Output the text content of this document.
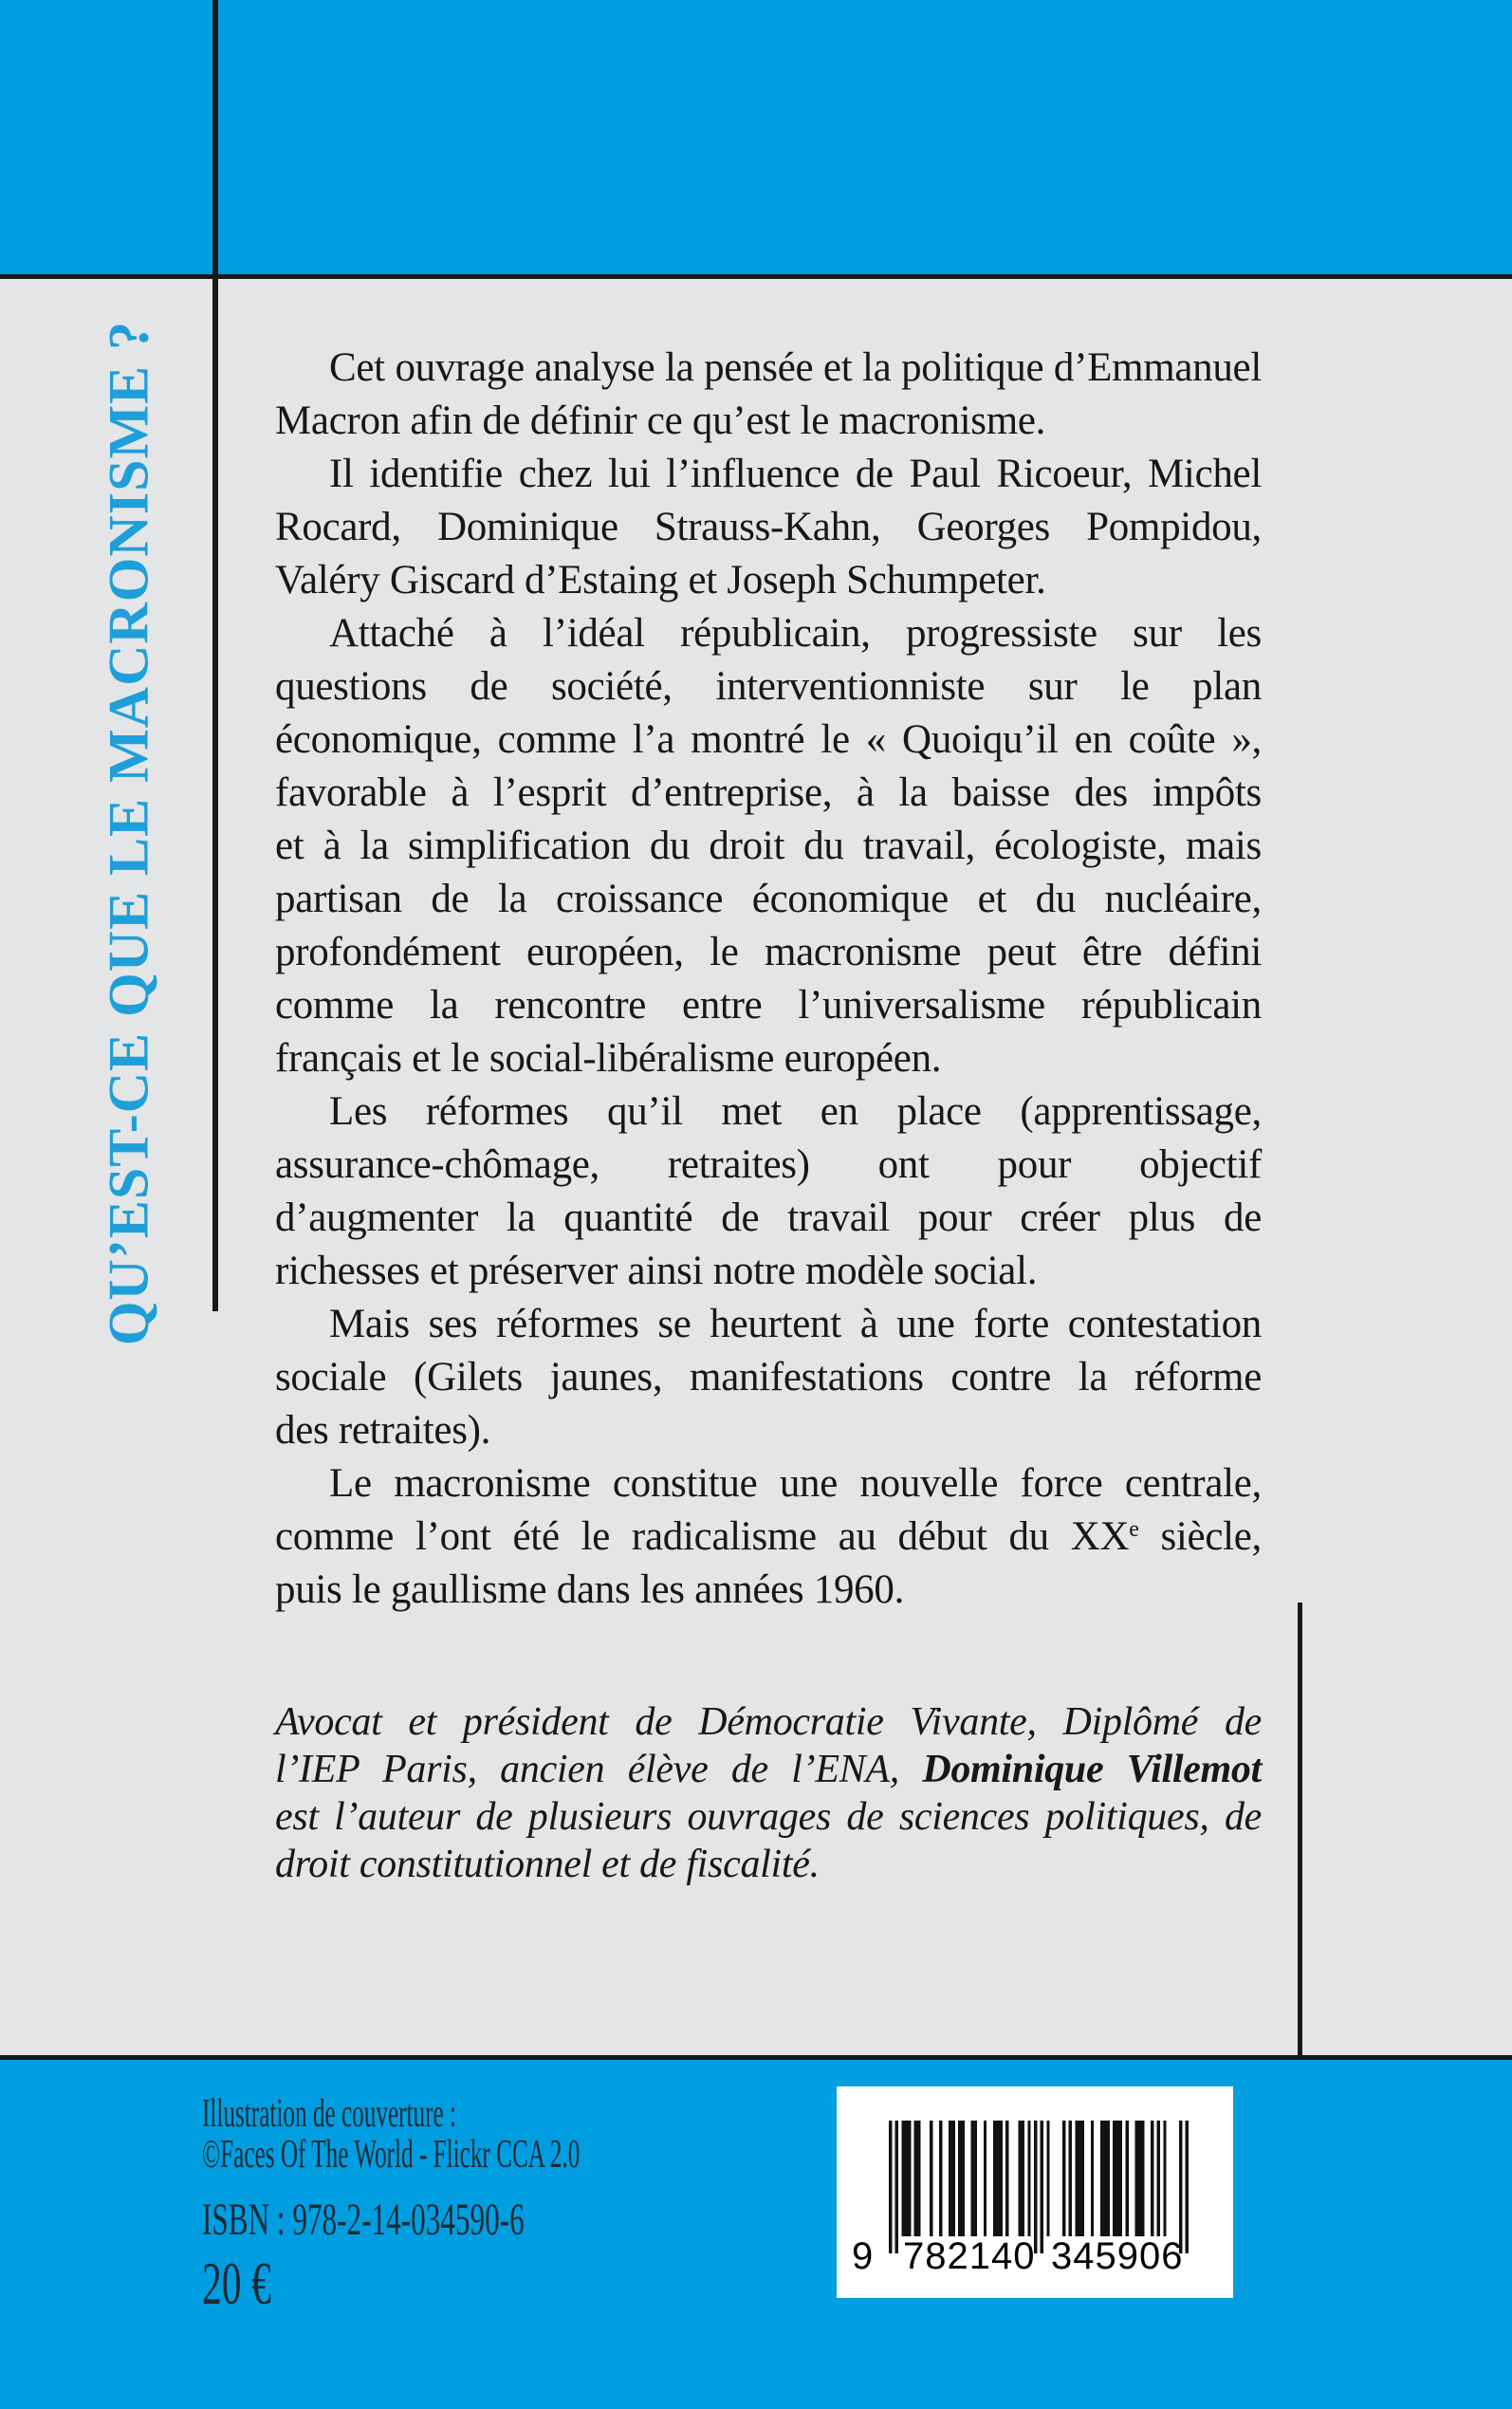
QU’EST-CE QUE LE MACRONISME ?	Cet ouvrage analyse la pensée et la politique d’Emmanuel
Macron afin de définir ce qu’est le macronisme.
Il identifie chez lui l’influence de Paul Ricoeur, Michel
Rocard, Dominique Strauss-Kahn, Georges Pompidou,
Valéry Giscard d’Estaing et Joseph Schumpeter.
Attaché à l’idéal républicain, progressiste sur les
questions de société, interventionniste sur le plan
économique, comme l’a montré le « Quoiqu’il en coûte »,
favorable à l’esprit d’entreprise, à la baisse des impôts
et à la simplification du droit du travail, écologiste, mais
partisan de la croissance économique et du nucléaire,
profondément européen, le macronisme peut être défini
comme la rencontre entre l’universalisme républicain
français et le social-libéralisme européen.
Les réformes qu’il met en place (apprentissage,
assurance-chômage, retraites) ont pour objectif
d’augmenter la quantité de travail pour créer plus de
richesses et préserver ainsi notre modèle social.
Mais ses réformes se heurtent à une forte contestation
sociale (Gilets jaunes, manifestations contre la réforme
des retraites).
Le macronisme constitue une nouvelle force centrale,
comme l’ont été le radicalisme au début du XXe siècle,
puis le gaullisme dans les années 1960.
Avocat et président de Démocratie Vivante, Diplômé de
l’IEP Paris, ancien élève de l’ENA, Dominique Villemot
est l’auteur de plusieurs ouvrages de sciences politiques, de
droit constitutionnel et de fiscalité.
Illustration de couverture :
©Faces Of The World - Flickr CCA 2.0
ISBN : 978-2-14-034590-6
20 €	9 782140 345906
